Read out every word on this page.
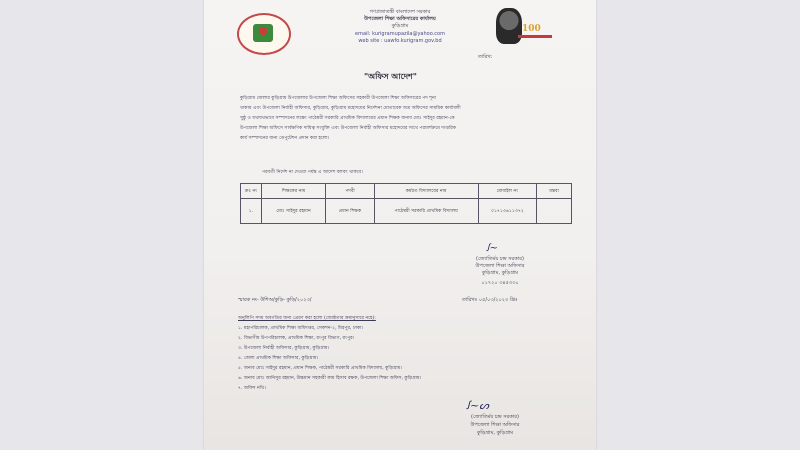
100
গণপ্রজাতন্ত্রী বাংলাদেশ সরকার
উপজেলা শিক্ষা অফিসারের কার্যালয়
কুড়িগ্রাম
email: kurigramupazila@yahoo.com
web site : uawfo.kurigram.gov.bd
তারিখ:
"অফিস আদেশ"
কুড়িগ্রাম জেলার কুড়িগ্রাম উপজেলার উপজেলা শিক্ষা অফিসের সহকারী উপজেলা শিক্ষা অফিসারের পদ শূন্য
থাকায় এবং উপজেলা নির্বাহী অফিসার, কুড়িগ্রাম, কুড়িগ্রাম মহোদয়ের নির্দেশনা মোতাবেক অত্র অফিসের সাময়িক কার্যাবলী
সুষ্ঠু ও যথাযথভাবে সম্পাদনের লক্ষ্যে পাঠেশ্বরী সরকারি প্রাথমিক বিদ্যালয়ের প্রধান শিক্ষক জনাব মোঃ সাইদুর রহমান-কে
উপজেলা শিক্ষা অফিসে সার্বক্ষণিক দায়িত্ব সংযুক্তি এবং উপজেলা নির্বাহী অফিসার মহোদয়ের সাথে পরামর্শক্রমে দাপ্তরিক
কার্য সম্পাদনের জন্য ডেপুটেশন প্রদান করা হলো।
পরবর্তী নির্দেশ না দেওয়া পর্যন্ত এ আদেশ বলবৎ থাকবে।
ক্রঃ নং	শিক্ষকের নাম	পদবী	কর্মরত বিদ্যালয়ের নাম	মোবাইল নং	মন্তব্য
১.	মোঃ সাইদুর রহমান	প্রধান শিক্ষক	পাঠেশ্বরী সরকারি প্রাথমিক বিদ্যালয়	০১৭১৩৬১১৩৭২	
ꭍ~
(জ্যোতির্ময় চন্দ্র সরকার)
উপজেলা শিক্ষা অফিসার
কুড়িগ্রাম, কুড়িগ্রাম
০১৭২০ ৩৪৫৩৩০
স্মারক নং- উশিঅ/কুড়ি- কুড়ি/২০২৩/	তারিখঃ ০৫/০৩/২০২৩ খ্রিঃ
অনুলিপি সদয় অবগতির জন্য প্রেরণ করা হলো (জ্যেষ্ঠতার ক্রমানুসারে নহে):
১. মহাপরিচালক, প্রাথমিক শিক্ষা অধিদপ্তর, সেকশন-২, মিরপুর, ঢাকা।
২. বিভাগীয় উপপরিচালক, প্রাথমিক শিক্ষা, রংপুর বিভাগ, রংপুর।
৩. উপজেলা নির্বাহী অফিসার, কুড়িগ্রাম, কুড়িগ্রাম।
৪. জেলা প্রাথমিক শিক্ষা অফিসার, কুড়িগ্রাম।
৫. জনাব মোঃ সাইদুর রহমান, প্রধান শিক্ষক, পাঠেশ্বরী সরকারি প্রাথমিক বিদ্যালয়, কুড়িগ্রাম।
৬. জনাব মোঃ আনিসুর রহমান, উচ্চমান সহকারী কাম হিসাব রক্ষক, উপজেলা শিক্ষা অফিস, কুড়িগ্রাম।
৭. অফিস নথি।
ꭍ~ᔕ
(জ্যোতির্ময় চন্দ্র সরকার)
উপজেলা শিক্ষা অফিসার
কুড়িগ্রাম, কুড়িগ্রাম
